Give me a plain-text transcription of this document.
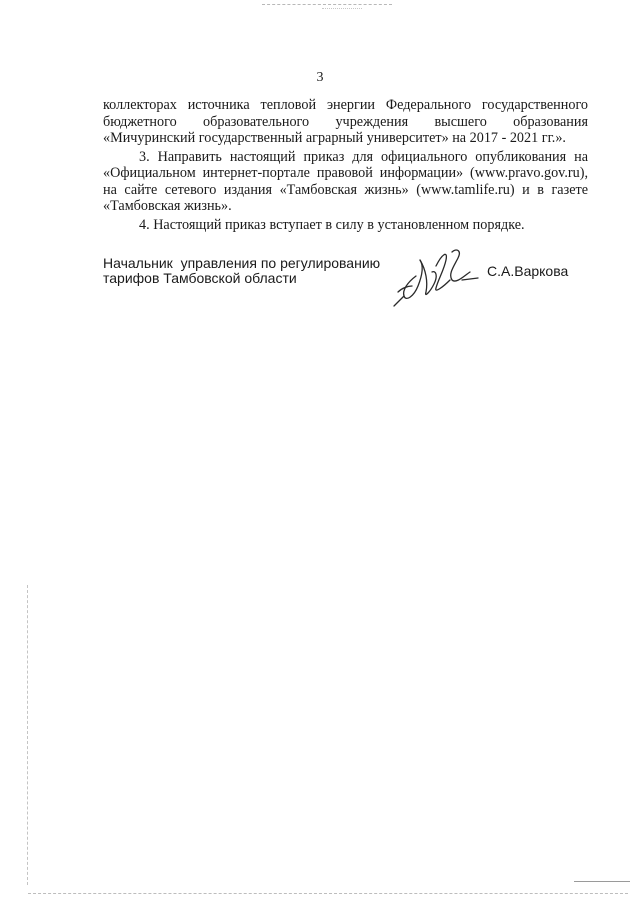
3

коллекторах источника тепловой энергии Федерального государственного бюджетного образовательного учреждения высшего образования «Мичуринский государственный аграрный университет» на 2017 - 2021 гг.».

3. Направить настоящий приказ для официального опубликования на «Официальном интернет-портале правовой информации» (www.pravo.gov.ru), на сайте сетевого издания «Тамбовская жизнь» (www.tamlife.ru) и в газете «Тамбовская жизнь».

4. Настоящий приказ вступает в силу в установленном порядке.

Начальник  управления по регулированию
тарифов Тамбовской области	С.А.Варкова
